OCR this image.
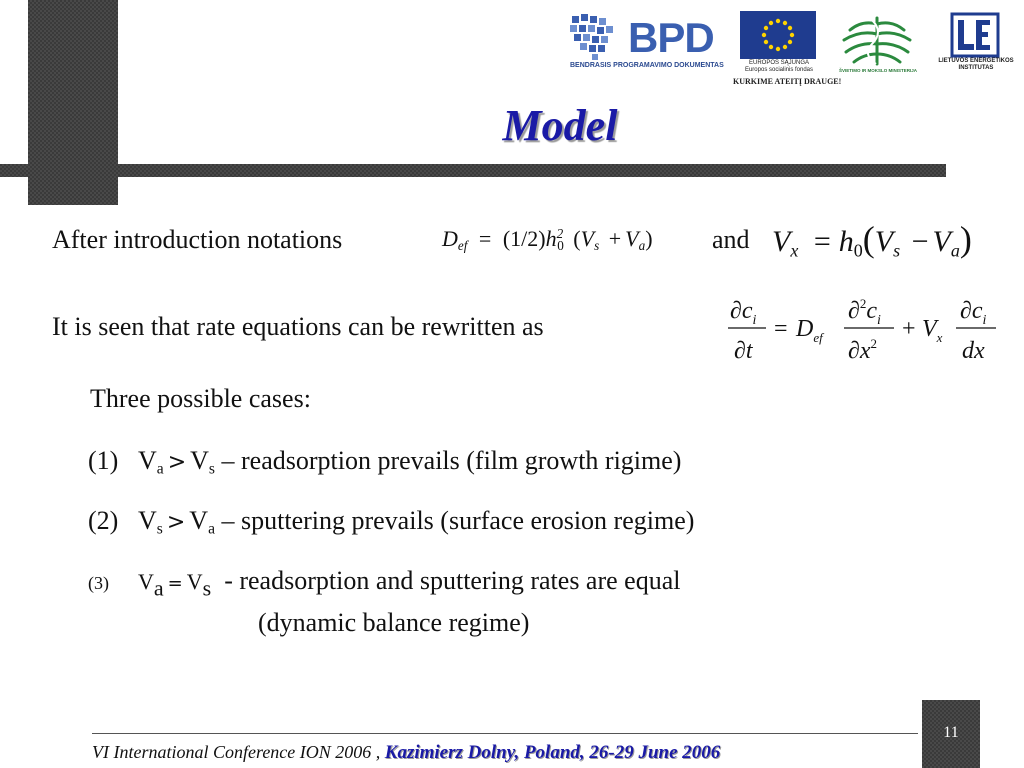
BPD
BENDRASIS PROGRAMAVIMO DOKUMENTAS	EUROPOS SĄJUNGA
Europos socialinis fondas
KURKIME ATEITĮ DRAUGE!
ŠVIETIMO IR MOKSLO MINISTERIJA
LIETUVOS ENERGETIKOS
INSTITUTAS
Model
After introduction notations	$D_{ef} = (1/2)h^2_0$ $(V_s + V_a)$ and $V_x = h_0(V_s - V_a)$
It is seen that rate equations can be rewritten as
$\partial c_i$
∂t
= $D_{ef}$
$\partial^2c_i$
$\partial x^2$
+ $V_x$
$\partial c_i$
dx
Three possible cases:
(1) Va > Vs – readsorption prevails (film growth rigime)
(2) Vs > Va – sputtering prevails (surface erosion regime)
(3) $V_a = V_s$  - readsorption and sputtering rates are equal
(dynamic balance regime)
VI International Conference ION 2006 , Kazimierz Dolny, Poland, 26-29 June 2006
11
